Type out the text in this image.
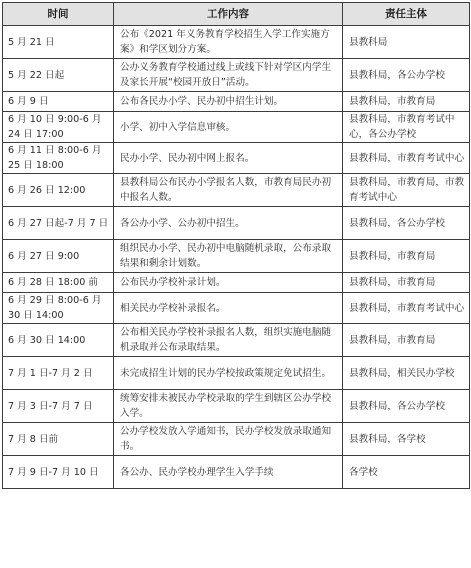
时间	工作内容	责任主体
5 月 21 日	公布《2021 年义务教育学校招生入学工作实施方案》和学区划分方案。	县教科局
5 月 22 日起	公办义务教育学校通过线上或线下针对学区内学生及家长开展“校园开放日”活动。	县教科局，各公办学校
6 月 9 日	公布各民办小学、民办初中招生计划。	县教科局，市教育局
6 月 10 日 9:00-6 月 24 日 17:00	小学、初中入学信息审核。	县教科局，市教育考试中心，各公办学校
6 月 11 日 8:00-6 月 25 日 18:00	民办小学、民办初中网上报名。	县教科局，市教育考试中心
6 月 26 日 12:00	县教科局公布民办小学报名人数，市教育局民办初中报名人数。	县教科局，市教育局，市教育考试中心
6 月 27 日起-7 月 7 日	各公办小学、公办初中招生。	县教科局，各公办学校
6 月 27 日 9:00	组织民办小学、民办初中电脑随机录取，公布录取结果和剩余计划数。	县教科局，市教育局
6 月 28 日 18:00 前	公布民办学校补录计划。	县教科局，市教育局
6 月 29 日 8:00-6 月 30 日 14:00	相关民办学校补录报名。	县教科局，市教育考试中心
6 月 30 日 14:00	公布相关民办学校补录报名人数，组织实施电脑随机录取并公布录取结果。	县教科局，市教育局
7 月 1 日-7 月 2 日	未完成招生计划的民办学校按政策规定免试招生。	县教科局，相关民办学校
7 月 3 日-7 月 7 日	统筹安排未被民办学校录取的学生到辖区公办学校入学。	县教科局，各公办学校
7 月 8 日前	公办学校发放入学通知书，民办学校发放录取通知书。	县教科局，各学校
7 月 9 日-7 月 10 日	各公办、民办学校办理学生入学手续	各学校
